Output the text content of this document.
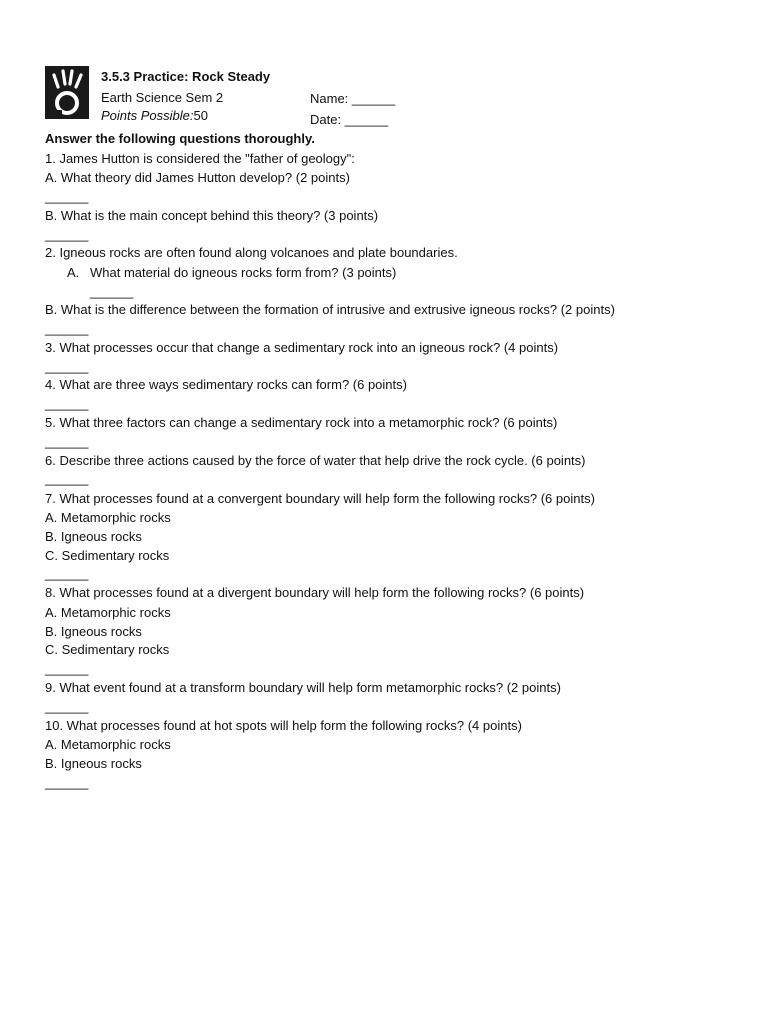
3.5.3 Practice: Rock Steady
Earth Science Sem 2
Points Possible:50
Name: ______
Date: ______
Answer the following questions thoroughly.
1. James Hutton is considered the "father of geology":
A. What theory did James Hutton develop? (2 points)
______
B. What is the main concept behind this theory? (3 points)
______
2. Igneous rocks are often found along volcanoes and plate boundaries.
A. What material do igneous rocks form from? (3 points)
______
B. What is the difference between the formation of intrusive and extrusive igneous rocks? (2 points)
______
3. What processes occur that change a sedimentary rock into an igneous rock? (4 points)
______
4. What are three ways sedimentary rocks can form? (6 points)
______
5. What three factors can change a sedimentary rock into a metamorphic rock? (6 points)
______
6. Describe three actions caused by the force of water that help drive the rock cycle. (6 points)
______
7. What processes found at a convergent boundary will help form the following rocks? (6 points)
A. Metamorphic rocks
B. Igneous rocks
C. Sedimentary rocks
______
8. What processes found at a divergent boundary will help form the following rocks? (6 points)
A. Metamorphic rocks
B. Igneous rocks
C. Sedimentary rocks
______
9. What event found at a transform boundary will help form metamorphic rocks? (2 points)
______
10. What processes found at hot spots will help form the following rocks? (4 points)
A. Metamorphic rocks
B. Igneous rocks
______
